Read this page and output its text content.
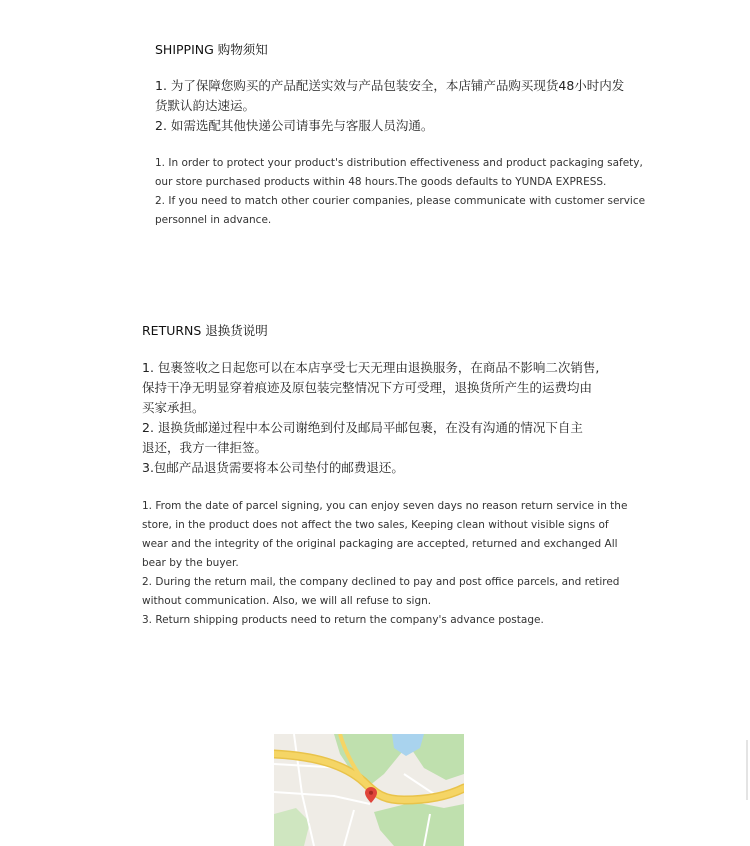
SHIPPING 购物须知
1. 为了保障您购买的产品配送实效与产品包装安全，本店铺产品购买现货48小时内发
货默认韵达速运。
2. 如需选配其他快递公司请事先与客服人员沟通。
1. In order to protect your product's distribution effectiveness and product packaging safety,
our store purchased products within 48 hours.The goods defaults to YUNDA EXPRESS.
2. If you need to match other courier companies, please communicate with customer service
personnel in advance.
RETURNS 退换货说明
1. 包裹签收之日起您可以在本店享受七天无理由退换服务，在商品不影响二次销售,
保持干净无明显穿着痕迹及原包装完整情况下方可受理，退换货所产生的运费均由
买家承担。
2. 退换货邮递过程中本公司谢绝到付及邮局平邮包裹，在没有沟通的情况下自主
退还，我方一律拒签。
3.包邮产品退货需要将本公司垫付的邮费退还。
1. From the date of parcel signing, you can enjoy seven days no reason return service in the
store, in the product does not affect the two sales, Keeping clean without visible signs of
wear and the integrity of the original packaging are accepted, returned and exchanged All
bear by the buyer.
2. During the return mail, the company declined to pay and post office parcels, and retired
without communication. Also, we will all refuse to sign.
3. Return shipping products need to return the company's advance postage.
